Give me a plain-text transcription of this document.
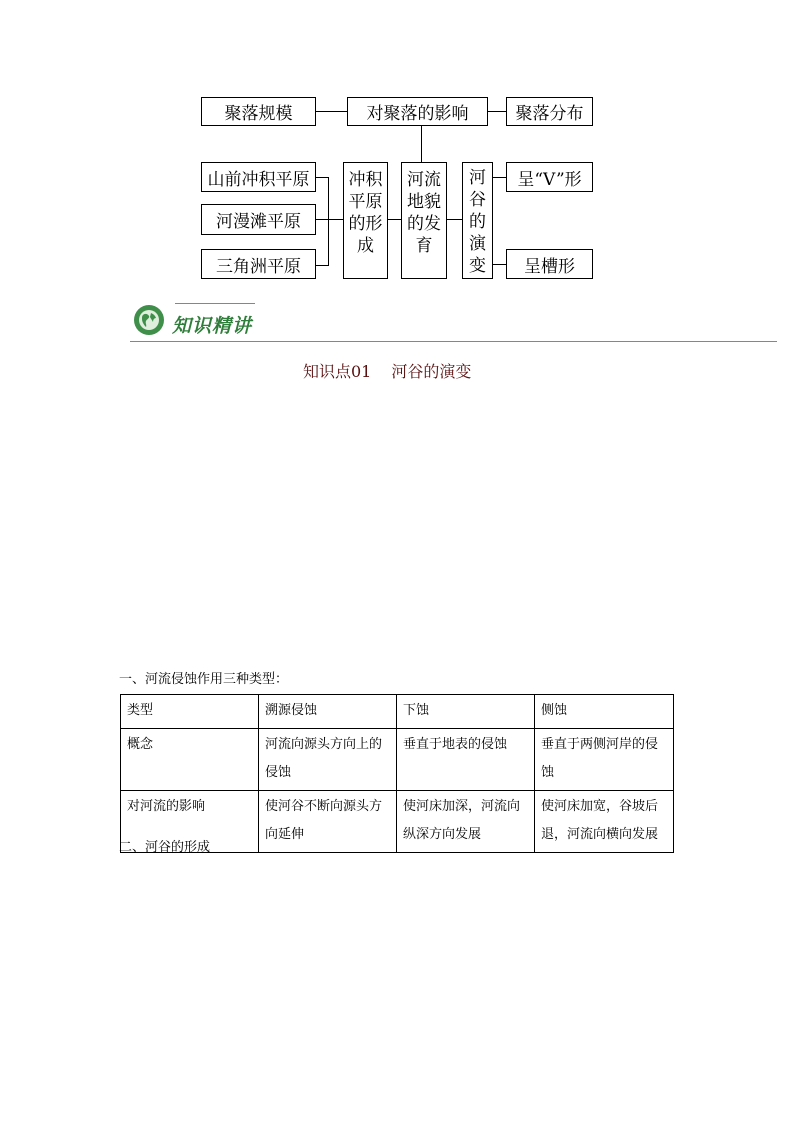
聚落规模	对聚落的影响	聚落分布
山前冲积平原
河漫滩平原
三角洲平原
冲积
平原
的形
成
河流
地貌
的发
育
河
谷
的
演
变
呈“V”形
呈槽形
知识精讲
知识点01 河谷的演变
一、河流侵蚀作用三种类型：
类型	溯源侵蚀	下蚀	侧蚀
概念	河流向源头方向上的侵蚀	垂直于地表的侵蚀	垂直于两侧河岸的侵蚀
对河流的影响	使河谷不断向源头方向延伸	使河床加深，河流向纵深方向发展	使河床加宽，谷坡后退，河流向横向发展
二、河谷的形成
